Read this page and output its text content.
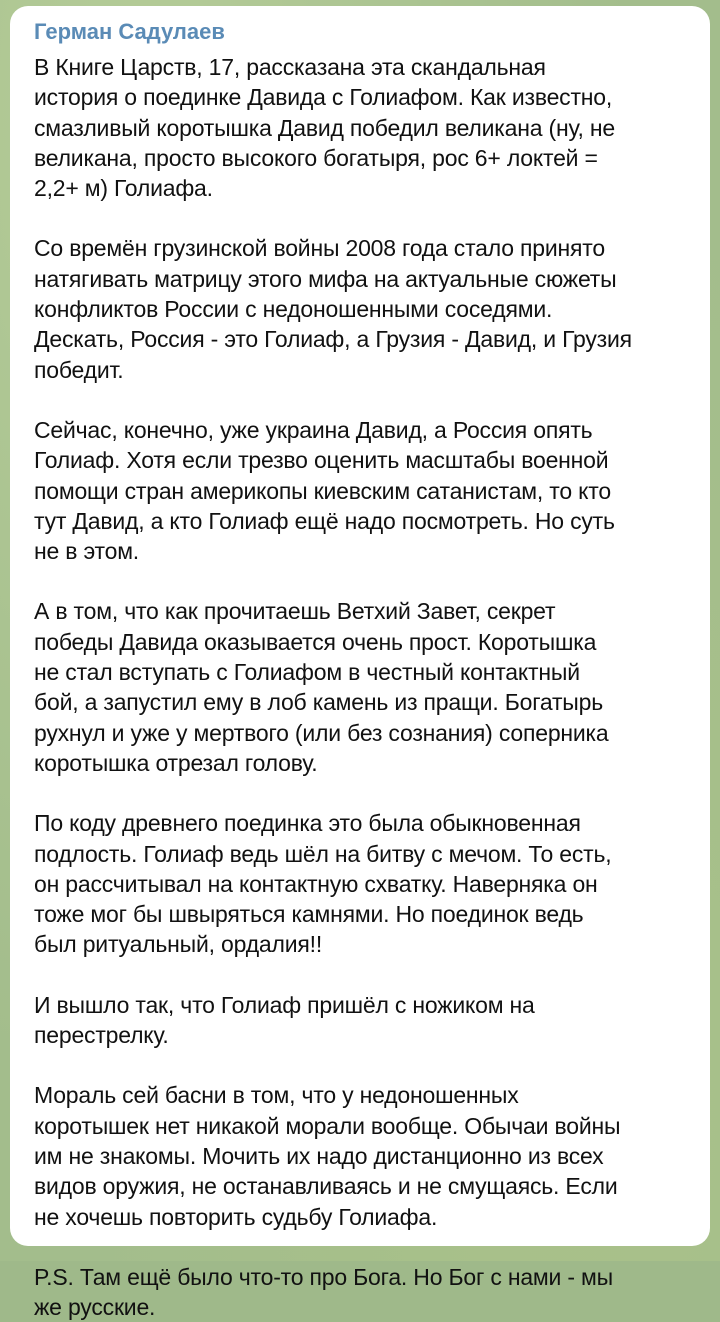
Герман Садулаев
В Книге Царств, 17, рассказана эта скандальная
история о поединке Давида с Голиафом. Как известно,
смазливый коротышка Давид победил великана (ну, не
великана, просто высокого богатыря, рос 6+ локтей =
2,2+ м) Голиафа.
Со времён грузинской войны 2008 года стало принято
натягивать матрицу этого мифа на актуальные сюжеты
конфликтов России с недоношенными соседями.
Дескать, Россия - это Голиаф, а Грузия - Давид, и Грузия
победит.
Сейчас, конечно, уже украина Давид, а Россия опять
Голиаф. Хотя если трезво оценить масштабы военной
помощи стран америкопы киевским сатанистам, то кто
тут Давид, а кто Голиаф ещё надо посмотреть. Но суть
не в этом.
А в том, что как прочитаешь Ветхий Завет, секрет
победы Давида оказывается очень прост. Коротышка
не стал вступать с Голиафом в честный контактный
бой, а запустил ему в лоб камень из пращи. Богатырь
рухнул и уже у мертвого (или без сознания) соперника
коротышка отрезал голову.
По коду древнего поединка это была обыкновенная
подлость. Голиаф ведь шёл на битву с мечом. То есть,
он рассчитывал на контактную схватку. Наверняка он
тоже мог бы швыряться камнями. Но поединок ведь
был ритуальный, ордалия!!
И вышло так, что Голиаф пришёл с ножиком на
перестрелку.
Мораль сей басни в том, что у недоношенных
коротышек нет никакой морали вообще. Обычаи войны
им не знакомы. Мочить их надо дистанционно из всех
видов оружия, не останавливаясь и не смущаясь. Если
не хочешь повторить судьбу Голиафа.
P.S. Там ещё было что-то про Бога. Но Бог с нами - мы
же русские.
